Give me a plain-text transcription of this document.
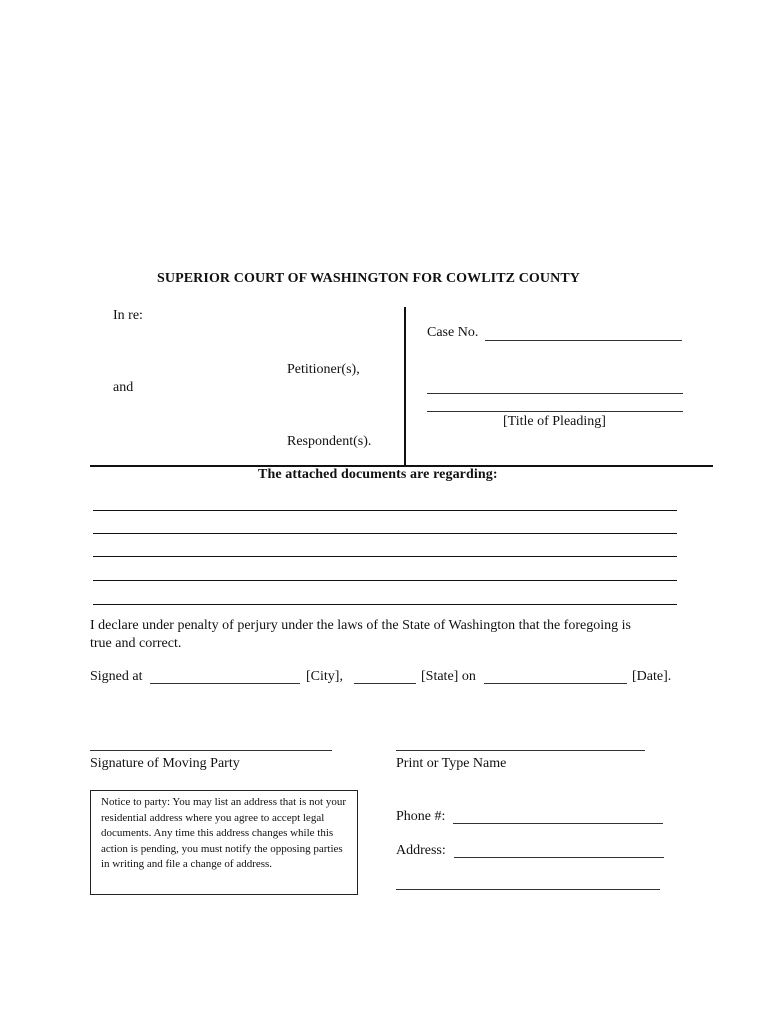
SUPERIOR COURT OF WASHINGTON FOR COWLITZ COUNTY
In re:
Petitioner(s),
and
Respondent(s).
Case No.
[Title of Pleading]
The attached documents are regarding:
I declare under penalty of perjury under the laws of the State of Washington that the foregoing is
true and correct.
Signed at	[City],	[State] on	[Date].
Signature of Moving Party	Print or Type Name
Notice to party: You may list an address that is not your residential address where you agree to accept legal documents. Any time this address changes while this action is pending, you must notify the opposing parties in writing and file a change of address.
Phone #:
Address:
